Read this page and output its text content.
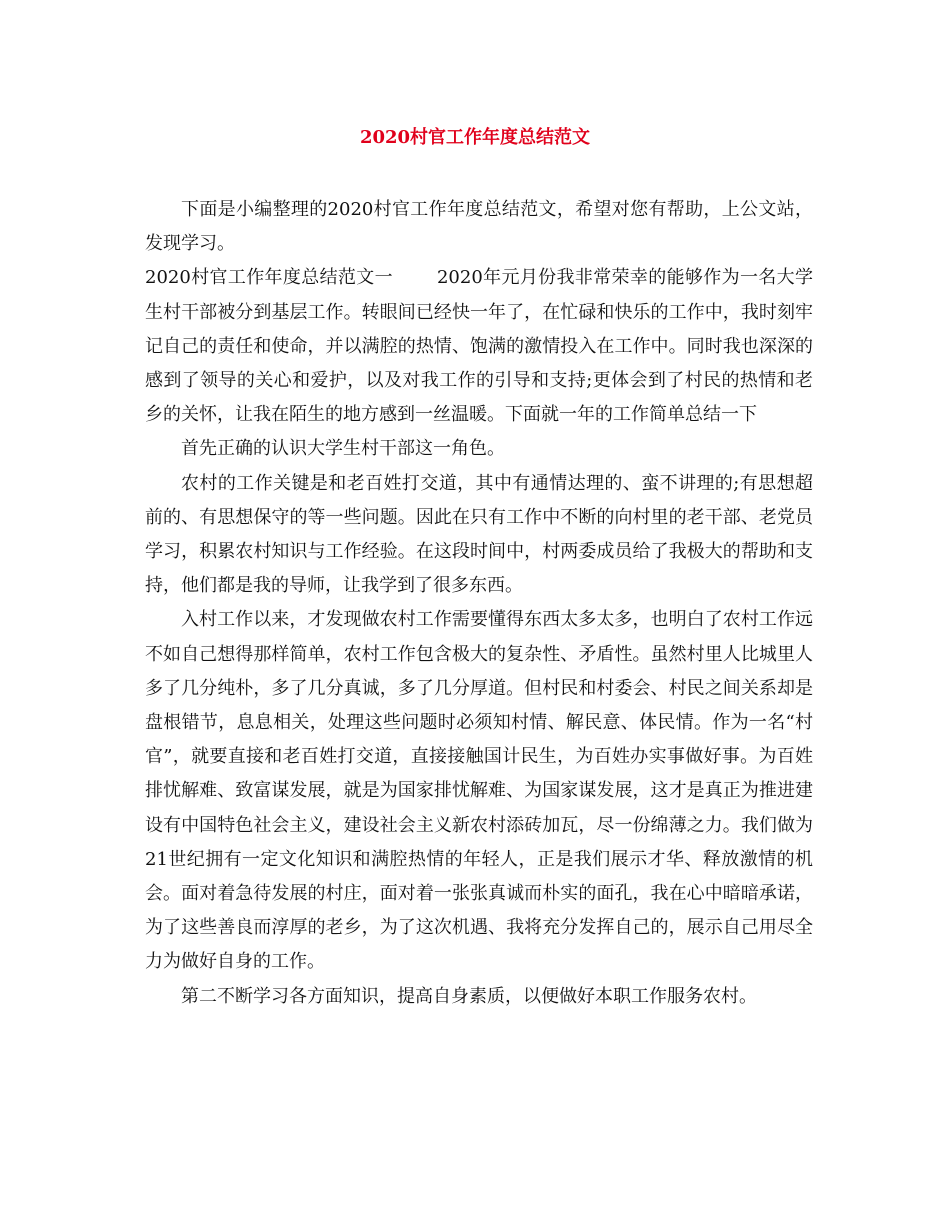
2020村官工作年度总结范文

下面是小编整理的2020村官工作年度总结范文，希望对您有帮助，上公文站，发现学习。

2020村官工作年度总结范文一 2020年元月份我非常荣幸的能够作为一名大学生村干部被分到基层工作。转眼间已经快一年了，在忙碌和快乐的工作中，我时刻牢记自己的责任和使命，并以满腔的热情、饱满的激情投入在工作中。同时我也深深的感到了领导的关心和爱护，以及对我工作的引导和支持;更体会到了村民的热情和老乡的关怀，让我在陌生的地方感到一丝温暖。下面就一年的工作简单总结一下

首先正确的认识大学生村干部这一角色。

农村的工作关键是和老百姓打交道，其中有通情达理的、蛮不讲理的;有思想超前的、有思想保守的等一些问题。因此在只有工作中不断的向村里的老干部、老党员学习，积累农村知识与工作经验。在这段时间中，村两委成员给了我极大的帮助和支持，他们都是我的导师，让我学到了很多东西。

入村工作以来，才发现做农村工作需要懂得东西太多太多，也明白了农村工作远不如自己想得那样简单，农村工作包含极大的复杂性、矛盾性。虽然村里人比城里人多了几分纯朴，多了几分真诚，多了几分厚道。但村民和村委会、村民之间关系却是盘根错节，息息相关，处理这些问题时必须知村情、解民意、体民情。作为一名“村官”，就要直接和老百姓打交道，直接接触国计民生，为百姓办实事做好事。为百姓排忧解难、致富谋发展，就是为国家排忧解难、为国家谋发展，这才是真正为推进建设有中国特色社会主义，建设社会主义新农村添砖加瓦，尽一份绵薄之力。我们做为21世纪拥有一定文化知识和满腔热情的年轻人，正是我们展示才华、释放激情的机会。面对着急待发展的村庄，面对着一张张真诚而朴实的面孔，我在心中暗暗承诺，为了这些善良而淳厚的老乡，为了这次机遇、我将充分发挥自己的，展示自己用尽全力为做好自身的工作。

第二不断学习各方面知识，提高自身素质，以便做好本职工作服务农村。
